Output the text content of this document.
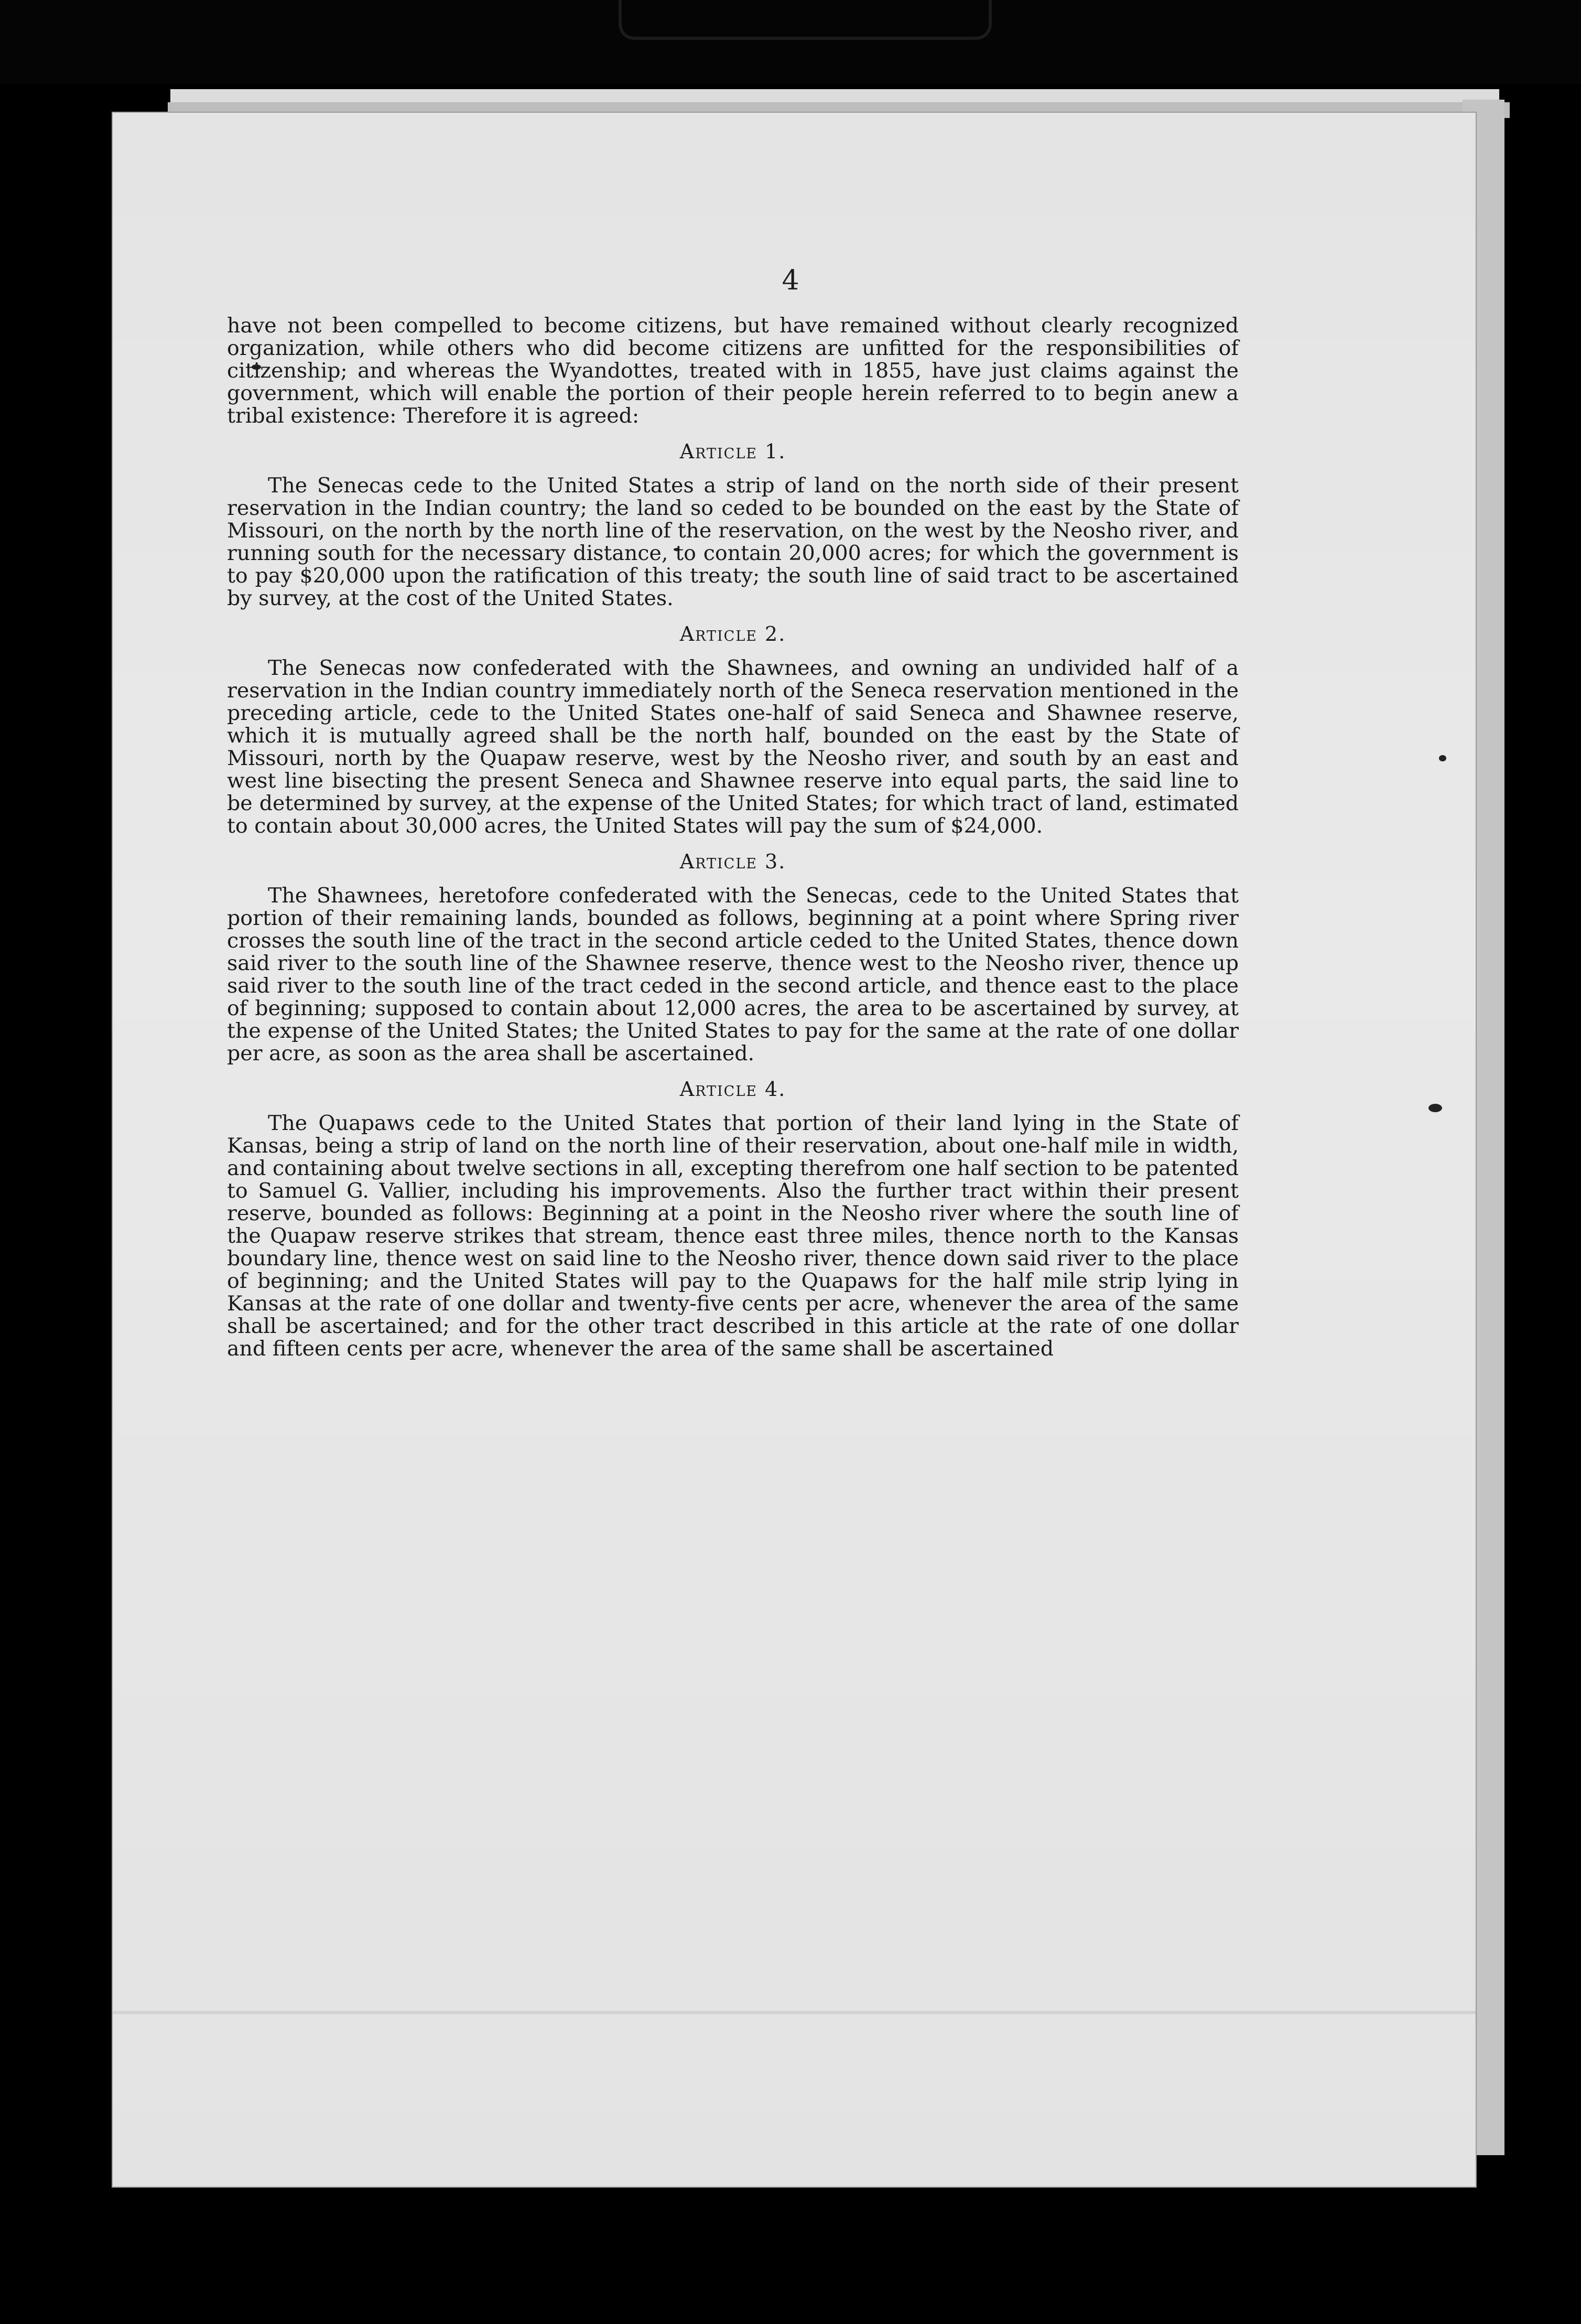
4

have not been compelled to become citizens, but have remained without clearly recognized organization, while others who did become citizens are unfitted for the responsibilities of citizenship; and whereas the Wyandottes, treated with in 1855, have just claims against the government, which will enable the portion of their people herein referred to to begin anew a tribal existence: Therefore it is agreed:

Article 1.

The Senecas cede to the United States a strip of land on the north side of their present reservation in the Indian country; the land so ceded to be bounded on the east by the State of Missouri, on the north by the north line of the reservation, on the west by the Neosho river, and running south for the necessary distance, to contain 20,000 acres; for which the government is to pay $20,000 upon the ratification of this treaty; the south line of said tract to be ascertained by survey, at the cost of the United States.

Article 2.

The Senecas now confederated with the Shawnees, and owning an undivided half of a reservation in the Indian country immediately north of the Seneca reservation mentioned in the preceding article, cede to the United States one-half of said Seneca and Shawnee reserve, which it is mutually agreed shall be the north half, bounded on the east by the State of Missouri, north by the Quapaw reserve, west by the Neosho river, and south by an east and west line bisecting the present Seneca and Shawnee reserve into equal parts, the said line to be determined by survey, at the expense of the United States; for which tract of land, estimated to contain about 30,000 acres, the United States will pay the sum of $24,000.

Article 3.

The Shawnees, heretofore confederated with the Senecas, cede to the United States that portion of their remaining lands, bounded as follows, beginning at a point where Spring river crosses the south line of the tract in the second article ceded to the United States, thence down said river to the south line of the Shawnee reserve, thence west to the Neosho river, thence up said river to the south line of the tract ceded in the second article, and thence east to the place of beginning; supposed to contain about 12,000 acres, the area to be ascertained by survey, at the expense of the United States; the United States to pay for the same at the rate of one dollar per acre, as soon as the area shall be ascertained.

Article 4.

The Quapaws cede to the United States that portion of their land lying in the State of Kansas, being a strip of land on the north line of their reservation, about one-half mile in width, and containing about twelve sections in all, excepting therefrom one half section to be patented to Samuel G. Vallier, including his improvements. Also the further tract within their present reserve, bounded as follows: Beginning at a point in the Neosho river where the south line of the Quapaw reserve strikes that stream, thence east three miles, thence north to the Kansas boundary line, thence west on said line to the Neosho river, thence down said river to the place of beginning; and the United States will pay to the Quapaws for the half mile strip lying in Kansas at the rate of one dollar and twenty-five cents per acre, whenever the area of the same shall be ascertained; and for the other tract described in this article at the rate of one dollar and fifteen cents per acre, whenever the area of the same shall be ascertained
